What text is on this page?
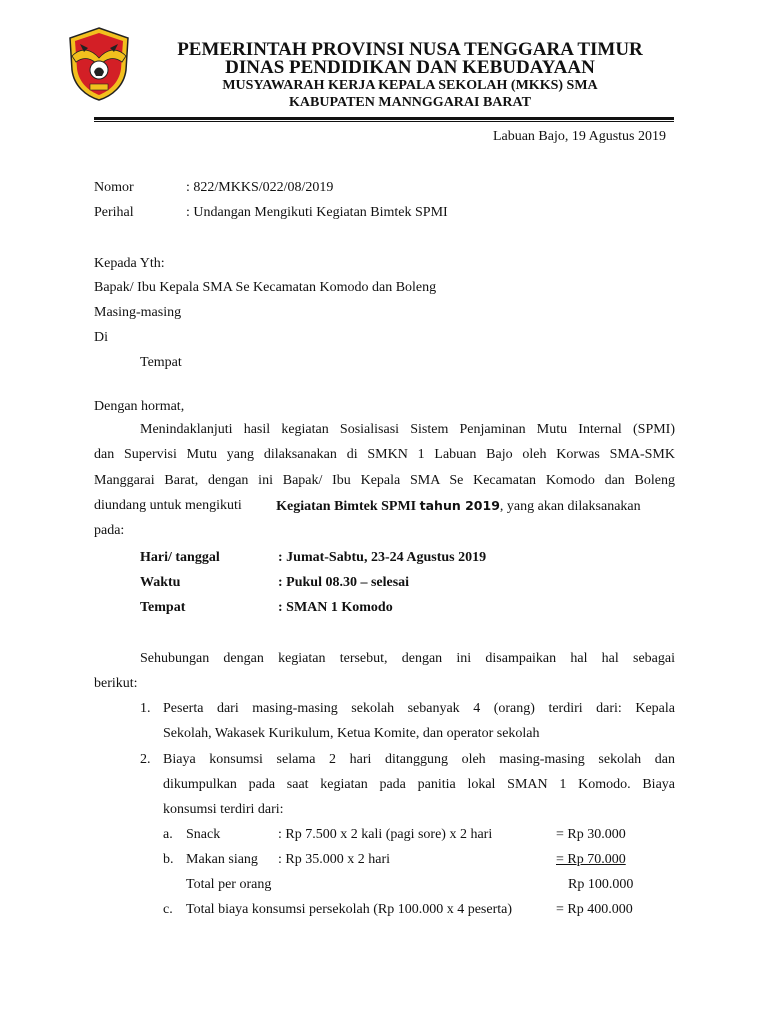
PEMERINTAH PROVINSI NUSA TENGGARA TIMUR
DINAS PENDIDIKAN DAN KEBUDAYAAN
MUSYAWARAH KERJA KEPALA SEKOLAH (MKKS) SMA
KABUPATEN MANNGGARAI BARAT
Labuan Bajo, 19 Agustus 2019
Nomor	: 822/MKKS/022/08/2019
Perihal	: Undangan Mengikuti Kegiatan Bimtek SPMI
Kepada Yth:
Bapak/ Ibu Kepala SMA Se Kecamatan Komodo dan Boleng
Masing-masing
Di
Tempat
Dengan hormat,
Menindaklanjuti hasil kegiatan Sosialisasi Sistem Penjaminan Mutu Internal (SPMI)
dan Supervisi Mutu yang dilaksanakan di SMKN 1 Labuan Bajo oleh Korwas SMA-SMK
Manggarai Barat, dengan ini Bapak/ Ibu Kepala SMA Se Kecamatan Komodo dan Boleng
diundang untuk mengikuti Kegiatan Bimtek SPMI tahun 2019, yang akan dilaksanakan
pada:
Hari/ tanggal	: Jumat-Sabtu, 23-24 Agustus 2019
Waktu	: Pukul 08.30 – selesai
Tempat	: SMAN 1 Komodo
Sehubungan dengan kegiatan tersebut, dengan ini disampaikan hal hal sebagai
berikut:
1. Peserta dari masing-masing sekolah sebanyak 4 (orang) terdiri dari: Kepala
Sekolah, Wakasek Kurikulum, Ketua Komite, dan operator sekolah
2. Biaya konsumsi selama 2 hari ditanggung oleh masing-masing sekolah dan
dikumpulkan pada saat kegiatan pada panitia lokal SMAN 1 Komodo. Biaya
konsumsi terdiri dari:
a. Snack	: Rp 7.500 x 2 kali (pagi sore) x 2 hari	= Rp 30.000
b. Makan siang : Rp 35.000 x 2 hari	= Rp 70.000
Total per orang	Rp 100.000
c. Total biaya konsumsi persekolah (Rp 100.000 x 4 peserta)	= Rp 400.000
